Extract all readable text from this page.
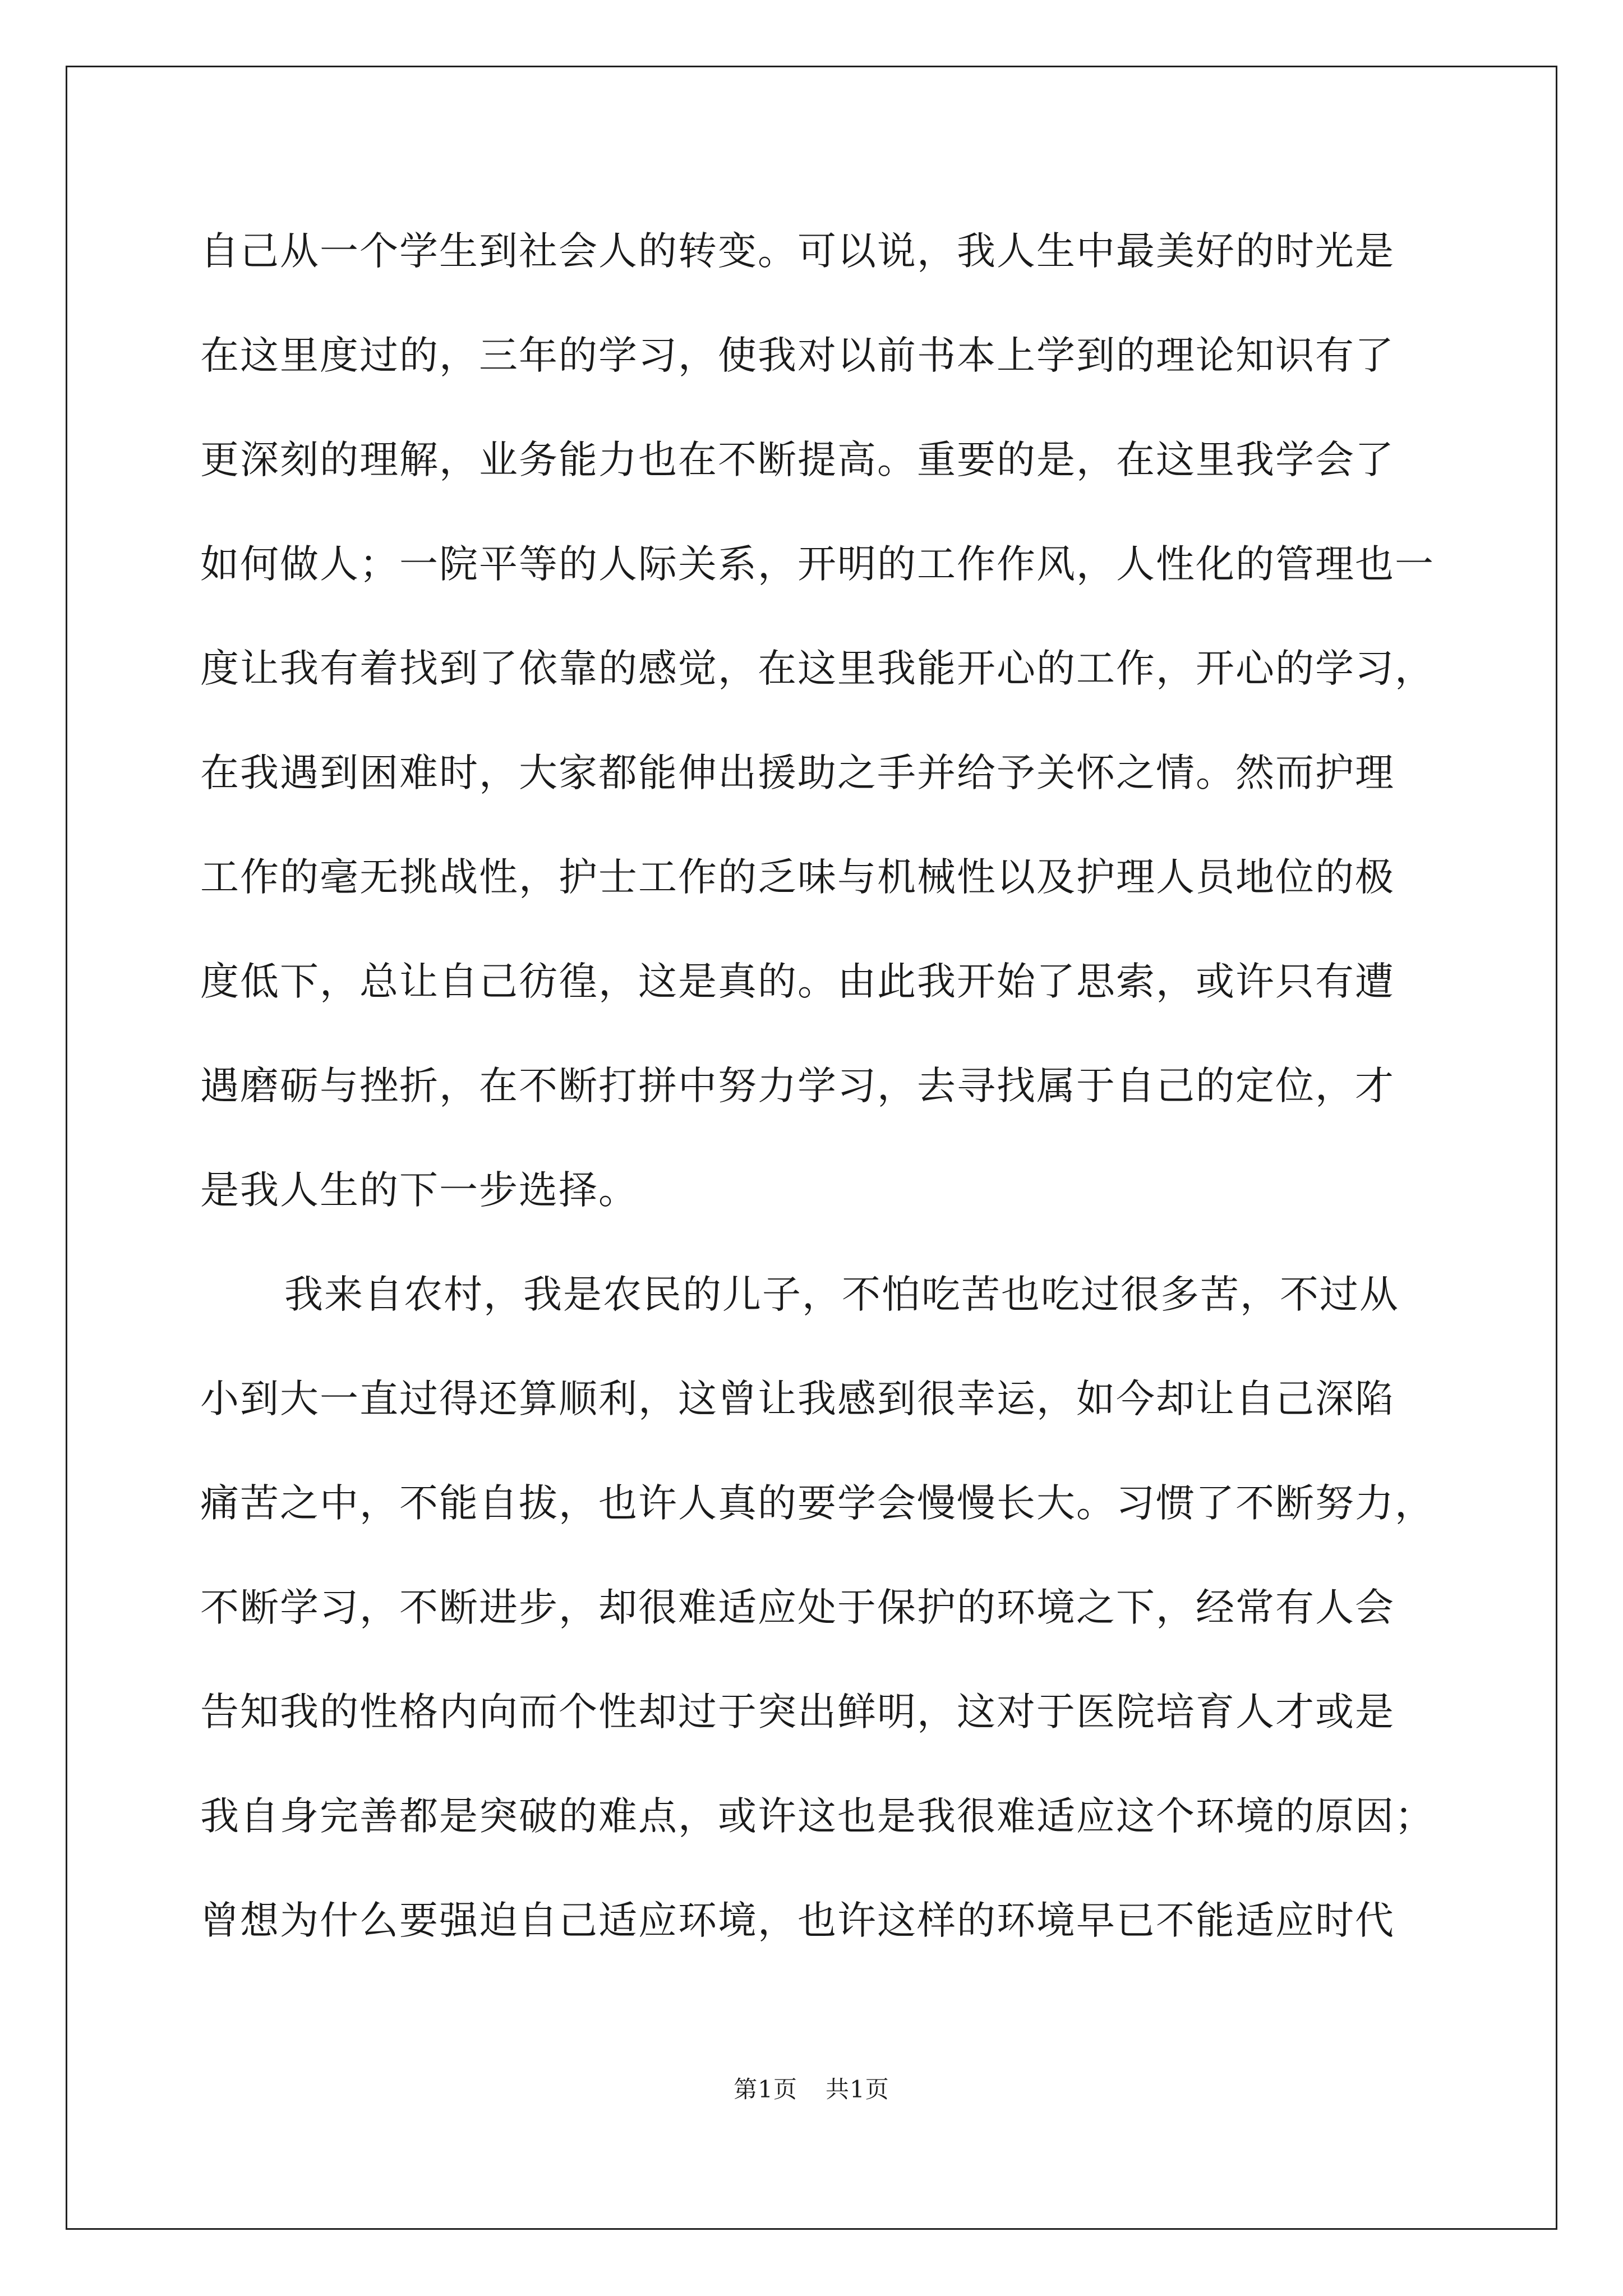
自己从一个学生到社会人的转变。可以说，我人生中最美好的时光是
在这里度过的，三年的学习，使我对以前书本上学到的理论知识有了
更深刻的理解，业务能力也在不断提高。重要的是，在这里我学会了
如何做人；一院平等的人际关系，开明的工作作风，人性化的管理也一
度让我有着找到了依靠的感觉，在这里我能开心的工作，开心的学习，
在我遇到困难时，大家都能伸出援助之手并给予关怀之情。然而护理
工作的毫无挑战性，护士工作的乏味与机械性以及护理人员地位的极
度低下，总让自己彷徨，这是真的。由此我开始了思索，或许只有遭
遇磨砺与挫折，在不断打拼中努力学习，去寻找属于自己的定位，才
是我人生的下一步选择。
我来自农村，我是农民的儿子，不怕吃苦也吃过很多苦，不过从
小到大一直过得还算顺利，这曾让我感到很幸运，如今却让自己深陷
痛苦之中，不能自拔，也许人真的要学会慢慢长大。习惯了不断努力，
不断学习，不断进步，却很难适应处于保护的环境之下，经常有人会
告知我的性格内向而个性却过于突出鲜明，这对于医院培育人才或是
我自身完善都是突破的难点，或许这也是我很难适应这个环境的原因；
曾想为什么要强迫自己适应环境，也许这样的环境早已不能适应时代
第1页 共1页
